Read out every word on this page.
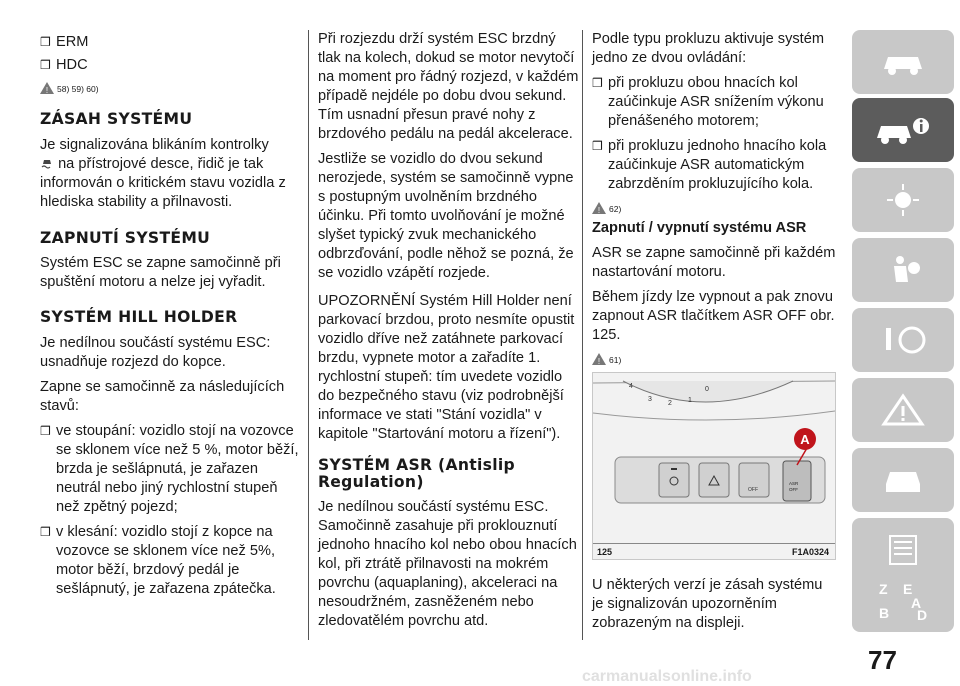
❒ ERM
❒ HDC
! 58) 59) 60)

ZÁSAH SYSTÉMU

Je signalizována blikáním kontrolky
na přístrojové desce, řidič je tak informován o kritickém stavu vozidla z hlediska stability a přilnavosti.

ZAPNUTÍ SYSTÉMU

Systém ESC se zapne samočinně při spuštění motoru a nelze jej vyřadit.

SYSTÉM HILL HOLDER

Je nedílnou součástí systému ESC: usnadňuje rozjezd do kopce.

Zapne se samočinně za následujících stavů:

❒ ve stoupání: vozidlo stojí na vozovce se sklonem více než 5 %, motor běží, brzda je sešlápnutá, je zařazen neutrál nebo jiný rychlostní stupeň než zpětný pojezd;
❒ v klesání: vozidlo stojí z kopce na vozovce se sklonem více než 5%, motor běží, brzdový pedál je sešlápnutý, je zařazena zpátečka.

Při rozjezdu drží systém ESC brzdný tlak na kolech, dokud se motor nevytočí na moment pro řádný rozjezd, v každém případě nejdéle po dobu dvou sekund. Tím usnadní přesun pravé nohy z brzdového pedálu na pedál akcelerace.

Jestliže se vozidlo do dvou sekund nerozjede, systém se samočinně vypne s postupným uvolněním brzdného účinku. Při tomto uvolňování je možné slyšet typický zvuk mechanického odbrzďování, podle něhož se pozná, že se vozidlo vzápětí rozjede.

UPOZORNĚNÍ Systém Hill Holder není parkovací brzdou, proto nesmíte opustit vozidlo dříve než zatáhnete parkovací brzdu, vypnete motor a zařadíte 1. rychlostní stupeň: tím uvedete vozidlo do bezpečného stavu (viz podrobnější informace ve stati "Stání vozidla" v kapitole "Startování motoru a řízení").

SYSTÉM ASR (Antislip Regulation)

Je nedílnou součástí systému ESC. Samočinně zasahuje při proklouznutí jednoho hnacího kol nebo obou hnacích kol, při ztrátě přilnavosti na mokrém povrchu (aquaplaning), akceleraci na nesoudržném, zasněženém nebo zledovatělém povrchu atd.

Podle typu prokluzu aktivuje systém jedno ze dvou ovládání:

❒ při prokluzu obou hnacích kol zaúčinkuje ASR snížením výkonu přenášeného motorem;
❒ při prokluzu jednoho hnacího kola zaúčinkuje ASR automatickým zabrzděním prokluzujícího kola.
! 62)

Zapnutí / vypnutí systému ASR

ASR se zapne samočinně při každém nastartování motoru.

Během jízdy lze vypnout a pak znovu zapnout ASR tlačítkem ASR OFF obr. 125.

! 61)

U některých verzí je zásah systému je signalizován upozorněním zobrazeným na displeji.

4
3
2 1
0
OFF
ASR
OFF
A
125	F1A0324
Z E
A
B D
77
carmanualsonline.info
